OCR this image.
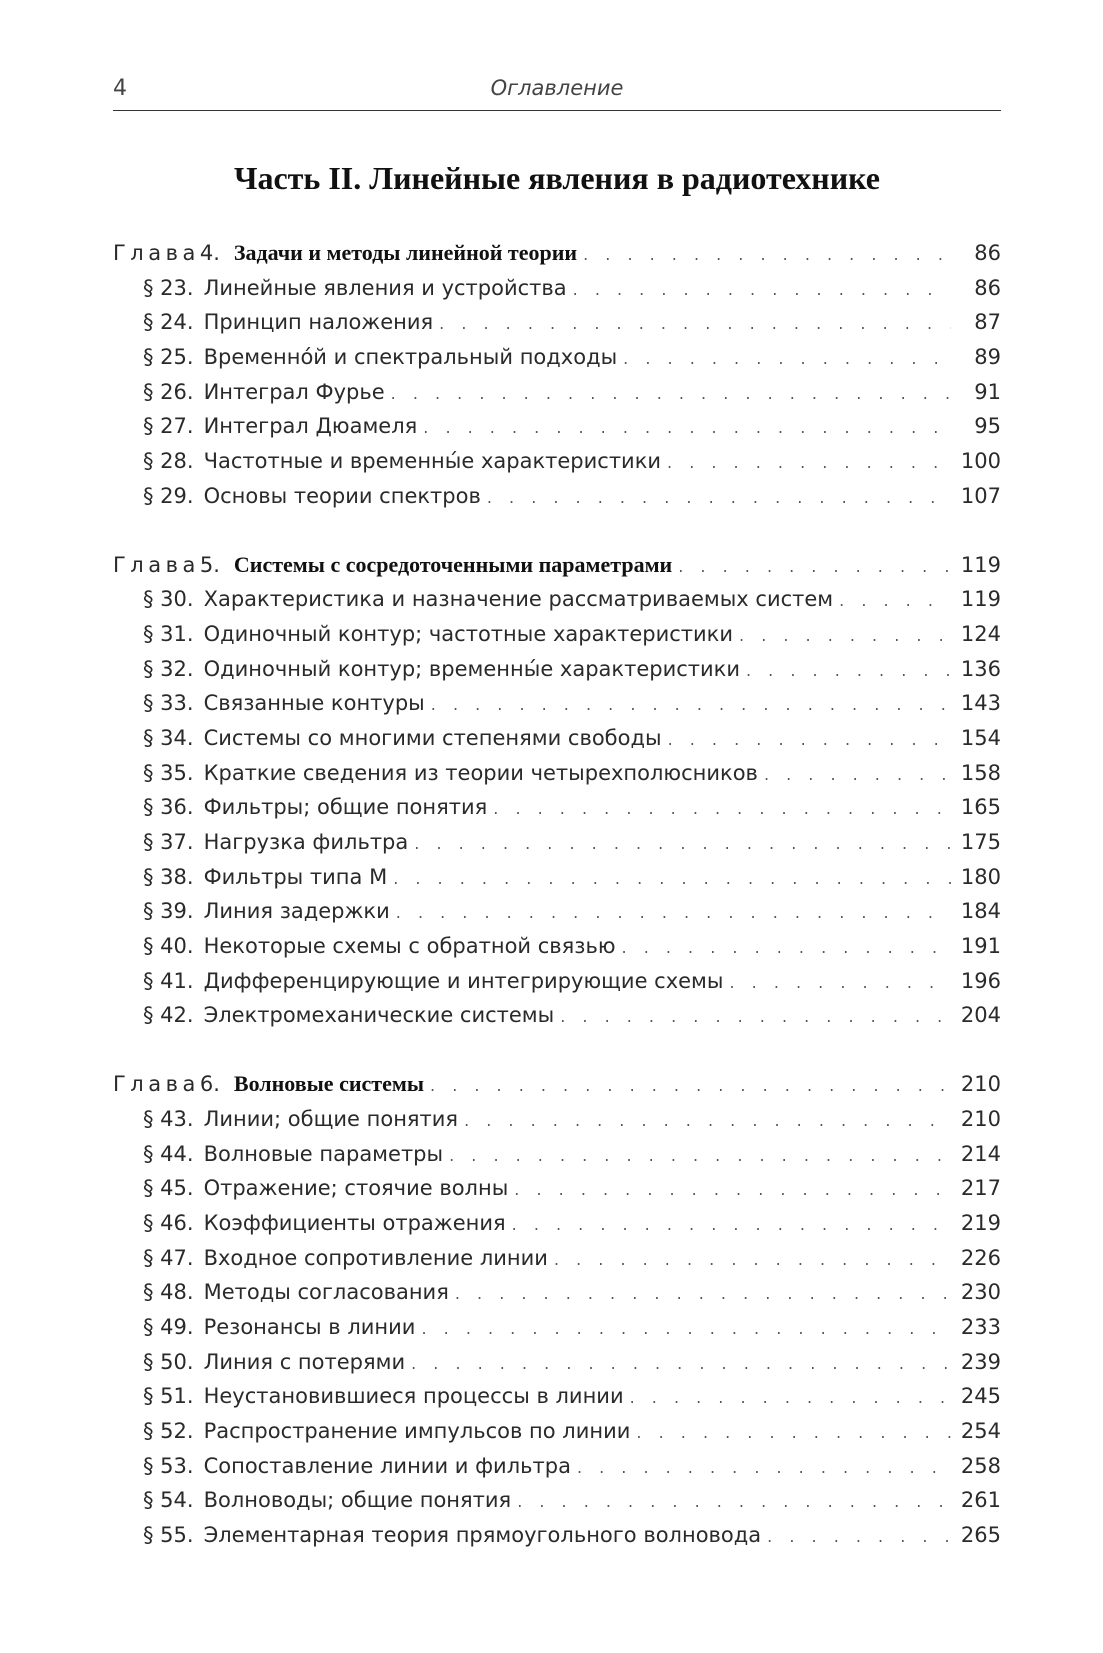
4	Оглавление
Часть II. Линейные явления в радиотехнике
Глава 4. Задачи и методы линейной теории . . .	86
§ 23. Линейные явления и устройства . . .	86
§ 24. Принцип наложения . . .	87
§ 25. Временно́й и спектральный подходы . . .	89
§ 26. Интеграл Фурье . . .	91
§ 27. Интеграл Дюамеля . . .	95
§ 28. Частотные и временны́е характеристики . . .	100
§ 29. Основы теории спектров . . .	107
Глава 5. Системы с сосредоточенными параметрами . . .	119
§ 30. Характеристика и назначение рассматриваемых систем . . .	119
§ 31. Одиночный контур; частотные характеристики . . .	124
§ 32. Одиночный контур; временны́е характеристики . . .	136
§ 33. Связанные контуры . . .	143
§ 34. Системы со многими степенями свободы . . .	154
§ 35. Краткие сведения из теории четырехполюсников . . .	158
§ 36. Фильтры; общие понятия . . .	165
§ 37. Нагрузка фильтра . . .	175
§ 38. Фильтры типа M . . .	180
§ 39. Линия задержки . . .	184
§ 40. Некоторые схемы с обратной связью . . .	191
§ 41. Дифференцирующие и интегрирующие схемы . . .	196
§ 42. Электромеханические системы . . .	204
Глава 6. Волновые системы . . .	210
§ 43. Линии; общие понятия . . .	210
§ 44. Волновые параметры . . .	214
§ 45. Отражение; стоячие волны . . .	217
§ 46. Коэффициенты отражения . . .	219
§ 47. Входное сопротивление линии . . .	226
§ 48. Методы согласования . . .	230
§ 49. Резонансы в линии . . .	233
§ 50. Линия с потерями . . .	239
§ 51. Неустановившиеся процессы в линии . . .	245
§ 52. Распространение импульсов по линии . . .	254
§ 53. Сопоставление линии и фильтра . . .	258
§ 54. Волноводы; общие понятия . . .	261
§ 55. Элементарная теория прямоугольного волновода . . .	265
